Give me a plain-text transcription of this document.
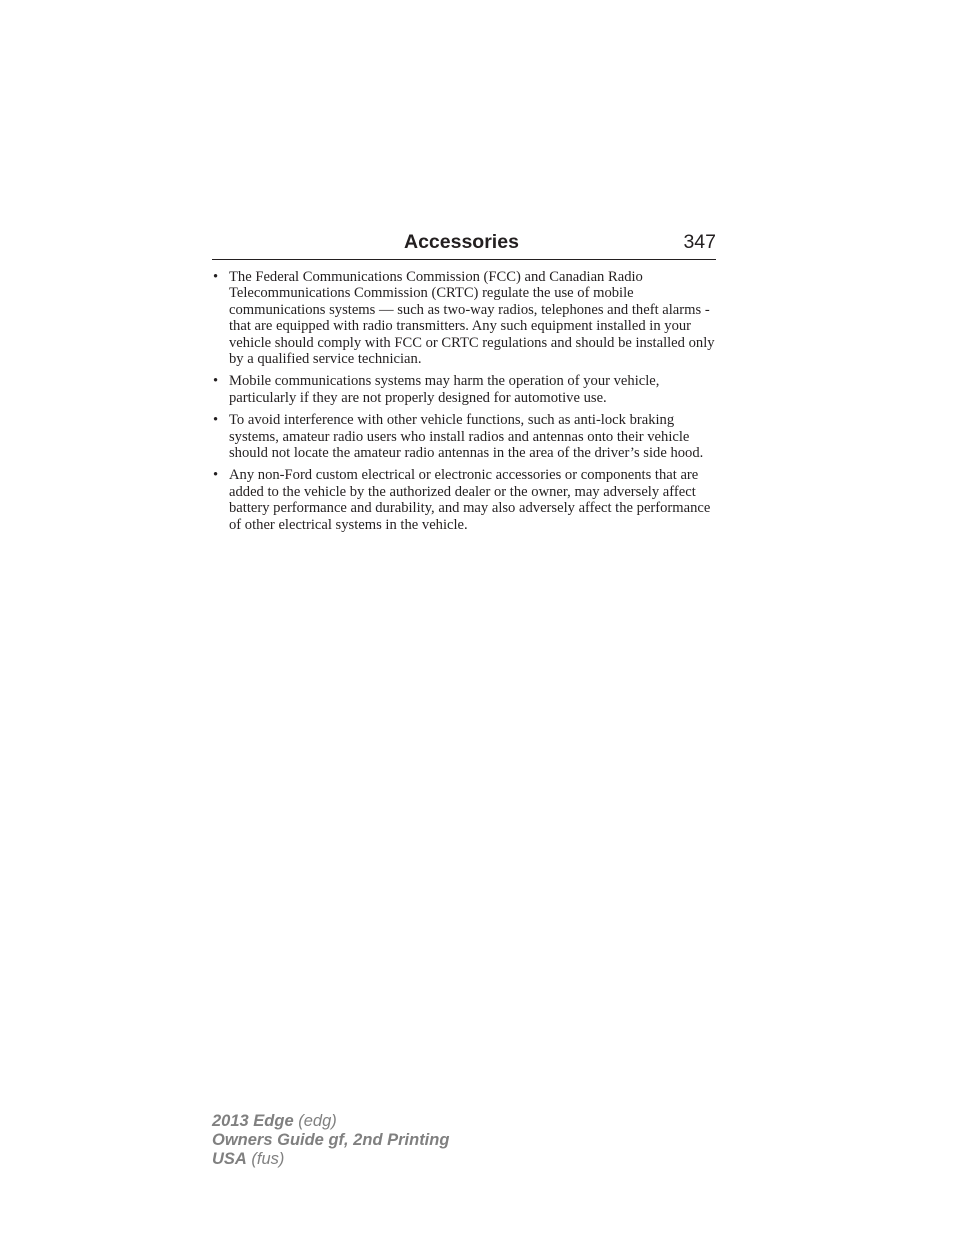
Accessories	347
• The Federal Communications Commission (FCC) and Canadian Radio Telecommunications Commission (CRTC) regulate the use of mobile communications systems — such as two-way radios, telephones and theft alarms - that are equipped with radio transmitters. Any such equipment installed in your vehicle should comply with FCC or CRTC regulations and should be installed only by a qualified service technician.
• Mobile communications systems may harm the operation of your vehicle, particularly if they are not properly designed for automotive use.
• To avoid interference with other vehicle functions, such as anti-lock braking systems, amateur radio users who install radios and antennas onto their vehicle should not locate the amateur radio antennas in the area of the driver’s side hood.
• Any non-Ford custom electrical or electronic accessories or components that are added to the vehicle by the authorized dealer or the owner, may adversely affect battery performance and durability, and may also adversely affect the performance of other electrical systems in the vehicle.
2013 Edge (edg)
Owners Guide gf, 2nd Printing
USA (fus)
